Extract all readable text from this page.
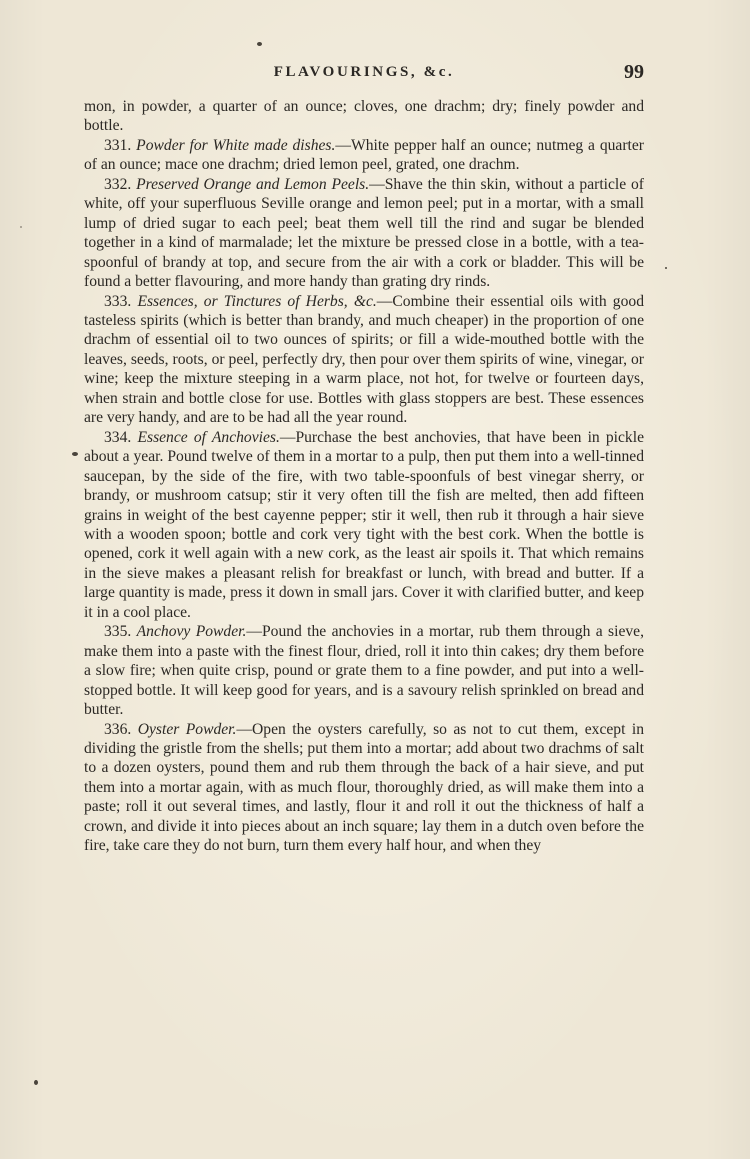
FLAVOURINGS, &c.	99

mon, in powder, a quarter of an ounce; cloves, one drachm; dry; finely powder and bottle.

331. Powder for White made dishes.—White pepper half an ounce; nutmeg a quarter of an ounce; mace one drachm; dried lemon peel, grated, one drachm.

332. Preserved Orange and Lemon Peels.—Shave the thin skin, without a particle of white, off your superfluous Seville orange and lemon peel; put in a mortar, with a small lump of dried sugar to each peel; beat them well till the rind and sugar be blended together in a kind of marmalade; let the mixture be pressed close in a bottle, with a tea-spoonful of brandy at top, and secure from the air with a cork or bladder. This will be found a better flavouring, and more handy than grating dry rinds.

333. Essences, or Tinctures of Herbs, &c.—Combine their essential oils with good tasteless spirits (which is better than brandy, and much cheaper) in the proportion of one drachm of essential oil to two ounces of spirits; or fill a wide-mouthed bottle with the leaves, seeds, roots, or peel, perfectly dry, then pour over them spirits of wine, vinegar, or wine; keep the mixture steeping in a warm place, not hot, for twelve or fourteen days, when strain and bottle close for use. Bottles with glass stoppers are best. These essences are very handy, and are to be had all the year round.

334. Essence of Anchovies.—Purchase the best anchovies, that have been in pickle about a year. Pound twelve of them in a mortar to a pulp, then put them into a well-tinned saucepan, by the side of the fire, with two table-spoonfuls of best vinegar sherry, or brandy, or mushroom catsup; stir it very often till the fish are melted, then add fifteen grains in weight of the best cayenne pepper; stir it well, then rub it through a hair sieve with a wooden spoon; bottle and cork very tight with the best cork. When the bottle is opened, cork it well again with a new cork, as the least air spoils it. That which remains in the sieve makes a pleasant relish for breakfast or lunch, with bread and butter. If a large quantity is made, press it down in small jars. Cover it with clarified butter, and keep it in a cool place.

335. Anchovy Powder.—Pound the anchovies in a mortar, rub them through a sieve, make them into a paste with the finest flour, dried, roll it into thin cakes; dry them before a slow fire; when quite crisp, pound or grate them to a fine powder, and put into a well-stopped bottle. It will keep good for years, and is a savoury relish sprinkled on bread and butter.

336. Oyster Powder.—Open the oysters carefully, so as not to cut them, except in dividing the gristle from the shells; put them into a mortar; add about two drachms of salt to a dozen oysters, pound them and rub them through the back of a hair sieve, and put them into a mortar again, with as much flour, thoroughly dried, as will make them into a paste; roll it out several times, and lastly, flour it and roll it out the thickness of half a crown, and divide it into pieces about an inch square; lay them in a dutch oven before the fire, take care they do not burn, turn them every half hour, and when they
